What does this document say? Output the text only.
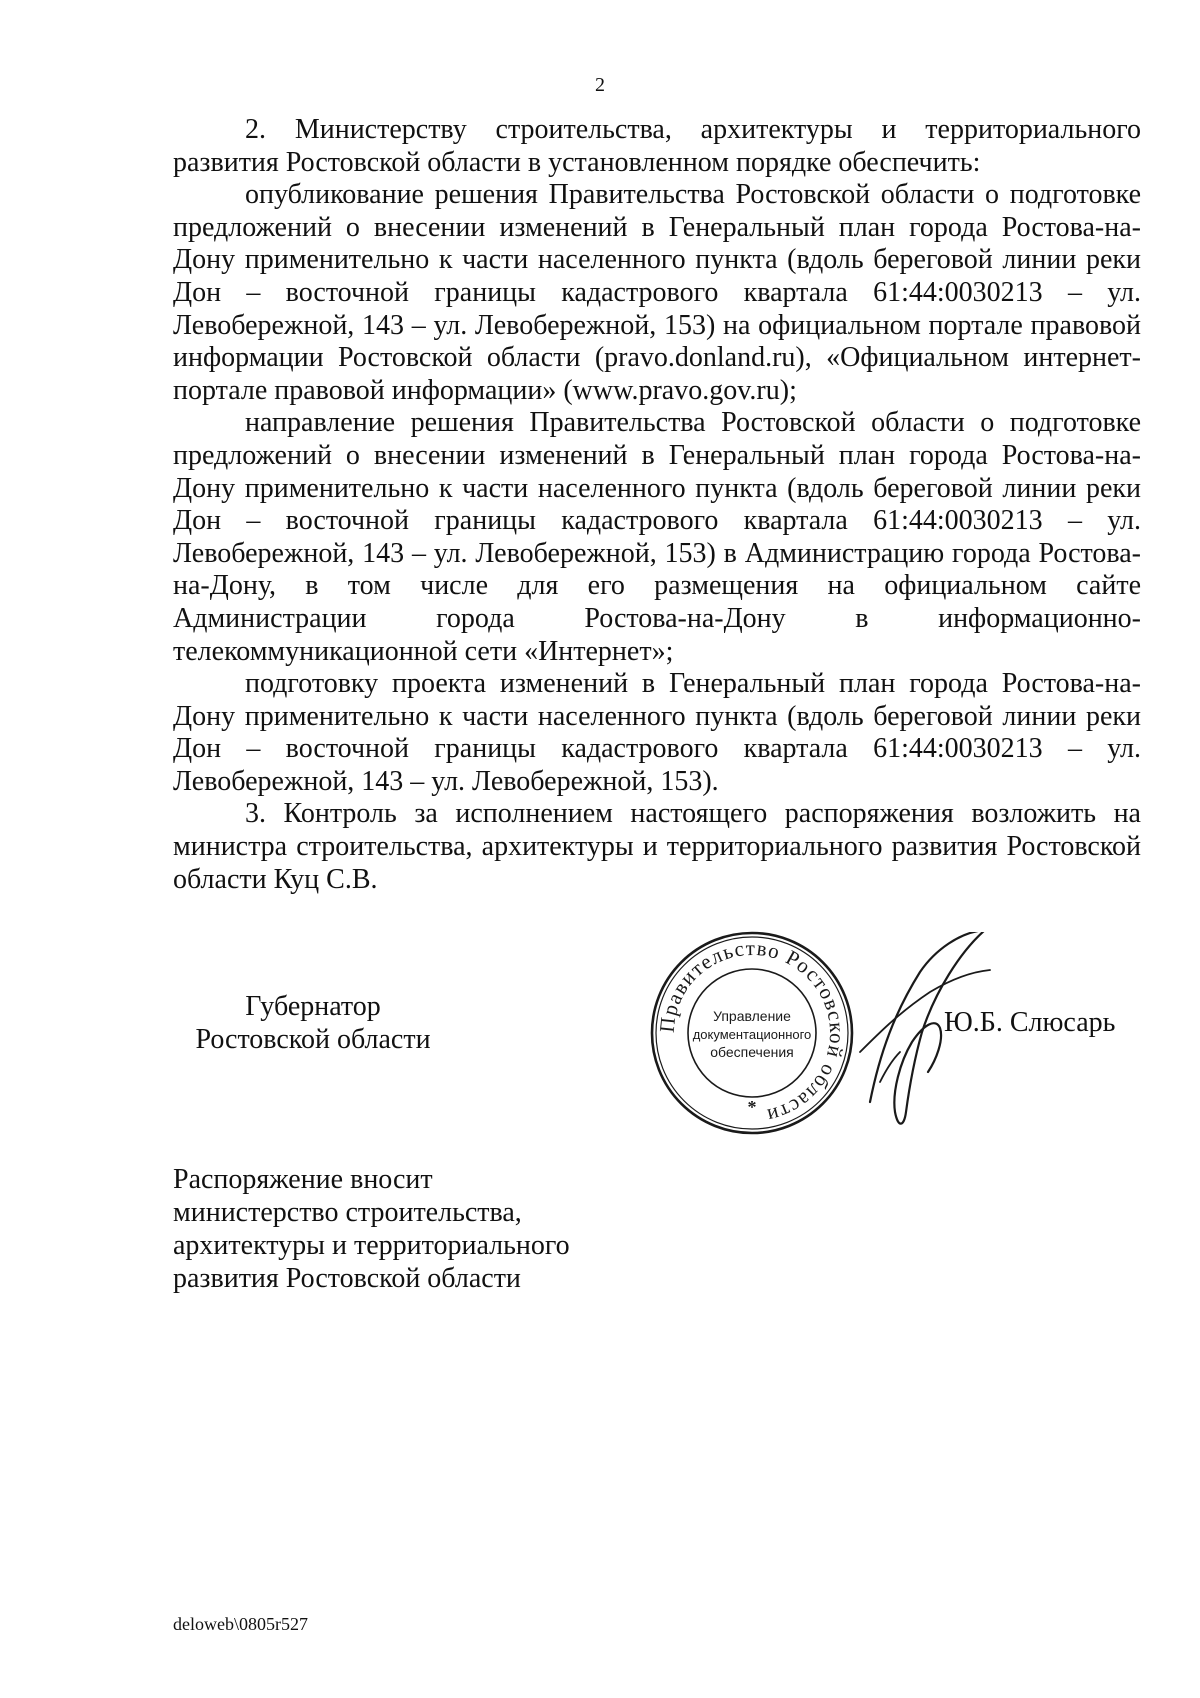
2

2. Министерству строительства, архитектуры и территориального развития Ростовской области в установленном порядке обеспечить:

опубликование решения Правительства Ростовской области о подготовке предложений о внесении изменений в Генеральный план города Ростова-на-Дону применительно к части населенного пункта (вдоль береговой линии реки Дон – восточной границы кадастрового квартала 61:44:0030213 – ул. Левобережной, 143 – ул. Левобережной, 153) на официальном портале правовой информации Ростовской области (pravo.donland.ru), «Официальном интернет-портале правовой информации» (www.pravo.gov.ru);

направление решения Правительства Ростовской области о подготовке предложений о внесении изменений в Генеральный план города Ростова-на-Дону применительно к части населенного пункта (вдоль береговой линии реки Дон – восточной границы кадастрового квартала 61:44:0030213 – ул. Левобережной, 143 – ул. Левобережной, 153) в Администрацию города Ростова-на-Дону, в том числе для его размещения на официальном сайте Администрации города Ростова-на-Дону в информационно-телекоммуникационной сети «Интернет»;

подготовку проекта изменений в Генеральный план города Ростова-на-Дону применительно к части населенного пункта (вдоль береговой линии реки Дон – восточной границы кадастрового квартала 61:44:0030213 – ул. Левобережной, 143 – ул. Левобережной, 153).

3. Контроль за исполнением настоящего распоряжения возложить на министра строительства, архитектуры и территориального развития Ростовской области Куц С.В.

Губернатор
Ростовской области	Правительство Ростовской области
Управление
документационного
обеспечения
*
Ю.Б. Слюсарь
Распоряжение вносит
министерство строительства,
архитектуры и территориального
развития Ростовской области
deloweb\0805r527
